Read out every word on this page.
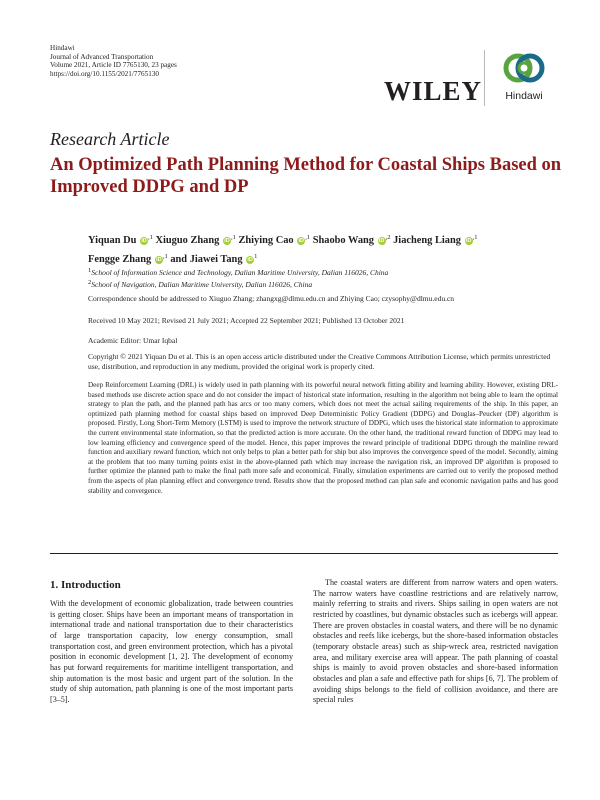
Hindawi
Journal of Advanced Transportation
Volume 2021, Article ID 7765130, 23 pages
https://doi.org/10.1155/2021/7765130
WILEY	Hindawi
Research Article
An Optimized Path Planning Method for Coastal Ships Based on Improved DDPG and DP
Yiquan Du $iD^{,1}$ Xiuguo Zhang $iD^{,1}$ Zhiying Cao $iD^{,1}$ Shaobo Wang $iD^{,2}$ Jiacheng Liang $iD^{,1}$
Fengge Zhang $iD^{,1}$ and Jiawei Tang $iD^1$
1School of Information Science and Technology, Dalian Maritime University, Dalian 116026, China
2School of Navigation, Dalian Maritime University, Dalian 116026, China
Correspondence should be addressed to Xiuguo Zhang; zhangxg@dlmu.edu.cn and Zhiying Cao; czysophy@dlmu.edu.cn
Received 10 May 2021; Revised 21 July 2021; Accepted 22 September 2021; Published 13 October 2021
Academic Editor: Umar Iqbal
Copyright © 2021 Yiquan Du et al. This is an open access article distributed under the Creative Commons Attribution License, which permits unrestricted use, distribution, and reproduction in any medium, provided the original work is properly cited.

Deep Reinforcement Learning (DRL) is widely used in path planning with its powerful neural network fitting ability and learning ability. However, existing DRL-based methods use discrete action space and do not consider the impact of historical state information, resulting in the algorithm not being able to learn the optimal strategy to plan the path, and the planned path has arcs or too many corners, which does not meet the actual sailing requirements of the ship. In this paper, an optimized path planning method for coastal ships based on improved Deep Deterministic Policy Gradient (DDPG) and Douglas–Peucker (DP) algorithm is proposed. Firstly, Long Short-Term Memory (LSTM) is used to improve the network structure of DDPG, which uses the historical state information to approximate the current environmental state information, so that the predicted action is more accurate. On the other hand, the traditional reward function of DDPG may lead to low learning efficiency and convergence speed of the model. Hence, this paper improves the reward principle of traditional DDPG through the mainline reward function and auxiliary reward function, which not only helps to plan a better path for ship but also improves the convergence speed of the model. Secondly, aiming at the problem that too many turning points exist in the above-planned path which may increase the navigation risk, an improved DP algorithm is proposed to further optimize the planned path to make the final path more safe and economical. Finally, simulation experiments are carried out to verify the proposed method from the aspects of plan planning effect and convergence trend. Results show that the proposed method can plan safe and economic navigation paths and has good stability and convergence.

1. Introduction

With the development of economic globalization, trade between countries is getting closer. Ships have been an important means of transportation in international trade and national transportation due to their characteristics of large transportation capacity, low energy consumption, small transportation cost, and green environment protection, which has a pivotal position in economic development [1, 2]. The development of economy has put forward requirements for maritime intelligent transportation, and ship automation is the most basic and urgent part of the solution. In the study of ship automation, path planning is one of the most important parts [3–5].

The coastal waters are different from narrow waters and open waters. The narrow waters have coastline restrictions and are relatively narrow, mainly referring to straits and rivers. Ships sailing in open waters are not restricted by coastlines, but dynamic obstacles such as icebergs will appear. There are proven obstacles in coastal waters, and there will be no dynamic obstacles and reefs like icebergs, but the shore-based information obstacles (temporary obstacle areas) such as ship-wreck area, restricted navigation area, and military exercise area will appear. The path planning of coastal ships is mainly to avoid proven obstacles and shore-based information obstacles and plan a safe and effective path for ships [6, 7]. The problem of avoiding ships belongs to the field of collision avoidance, and there are special rules
